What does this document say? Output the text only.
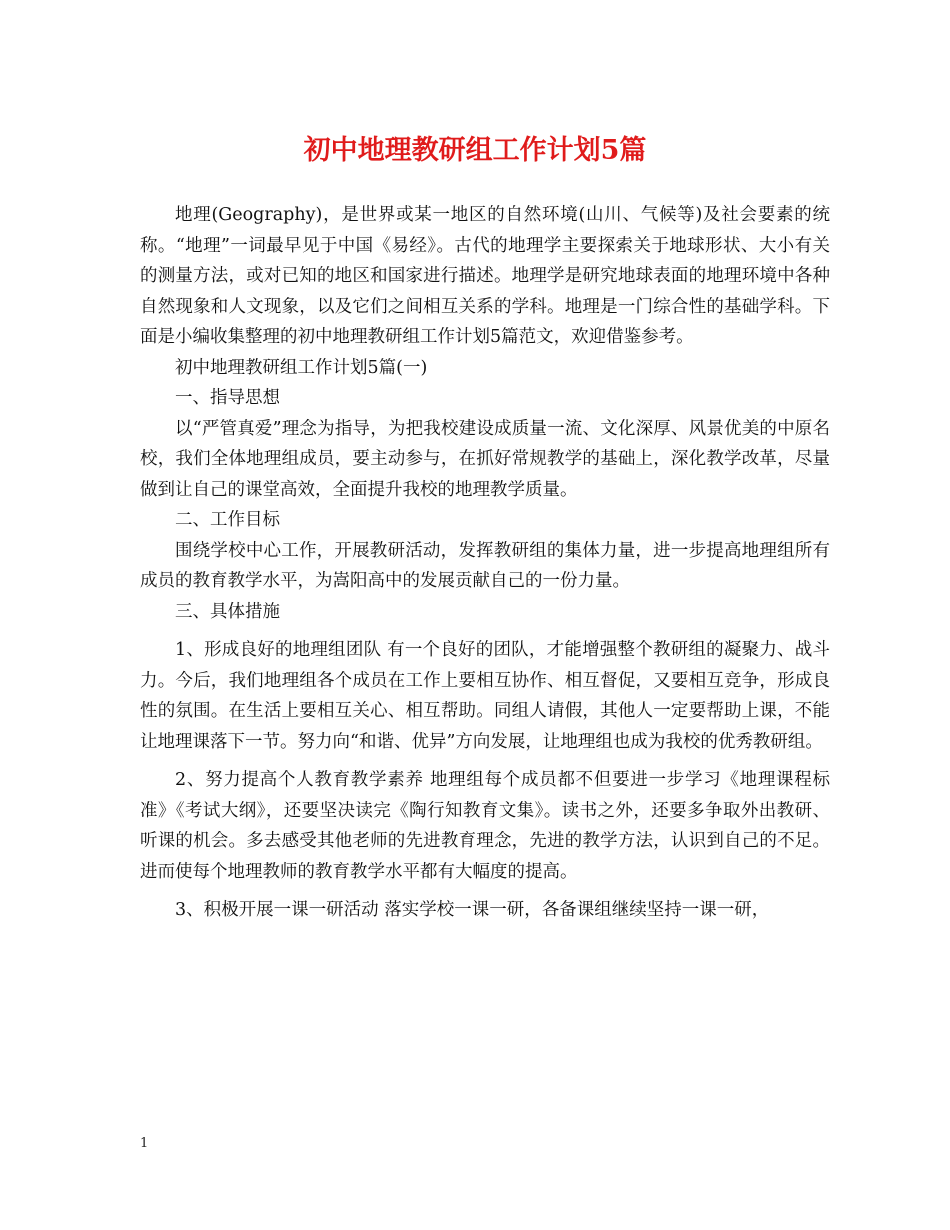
初中地理教研组工作计划5篇

地理(Geography)，是世界或某一地区的自然环境(山川、气候等)及社会要素的统称。“地理”一词最早见于中国《易经》。古代的地理学主要探索关于地球形状、大小有关的测量方法，或对已知的地区和国家进行描述。地理学是研究地球表面的地理环境中各种自然现象和人文现象，以及它们之间相互关系的学科。地理是一门综合性的基础学科。下面是小编收集整理的初中地理教研组工作计划5篇范文，欢迎借鉴参考。

初中地理教研组工作计划5篇(一)

一、指导思想

以“严管真爱”理念为指导，为把我校建设成质量一流、文化深厚、风景优美的中原名校，我们全体地理组成员，要主动参与，在抓好常规教学的基础上，深化教学改革，尽量做到让自己的课堂高效，全面提升我校的地理教学质量。

二、工作目标

围绕学校中心工作，开展教研活动，发挥教研组的集体力量，进一步提高地理组所有成员的教育教学水平，为嵩阳高中的发展贡献自己的一份力量。

三、具体措施

1、形成良好的地理组团队 有一个良好的团队，才能增强整个教研组的凝聚力、战斗力。今后，我们地理组各个成员在工作上要相互协作、相互督促，又要相互竞争，形成良性的氛围。在生活上要相互关心、相互帮助。同组人请假，其他人一定要帮助上课，不能让地理课落下一节。努力向“和谐、优异”方向发展，让地理组也成为我校的优秀教研组。

2、努力提高个人教育教学素养 地理组每个成员都不但要进一步学习《地理课程标准》《考试大纲》，还要坚决读完《陶行知教育文集》。读书之外，还要多争取外出教研、听课的机会。多去感受其他老师的先进教育理念，先进的教学方法，认识到自己的不足。进而使每个地理教师的教育教学水平都有大幅度的提高。

3、积极开展一课一研活动 落实学校一课一研，各备课组继续坚持一课一研，

1
